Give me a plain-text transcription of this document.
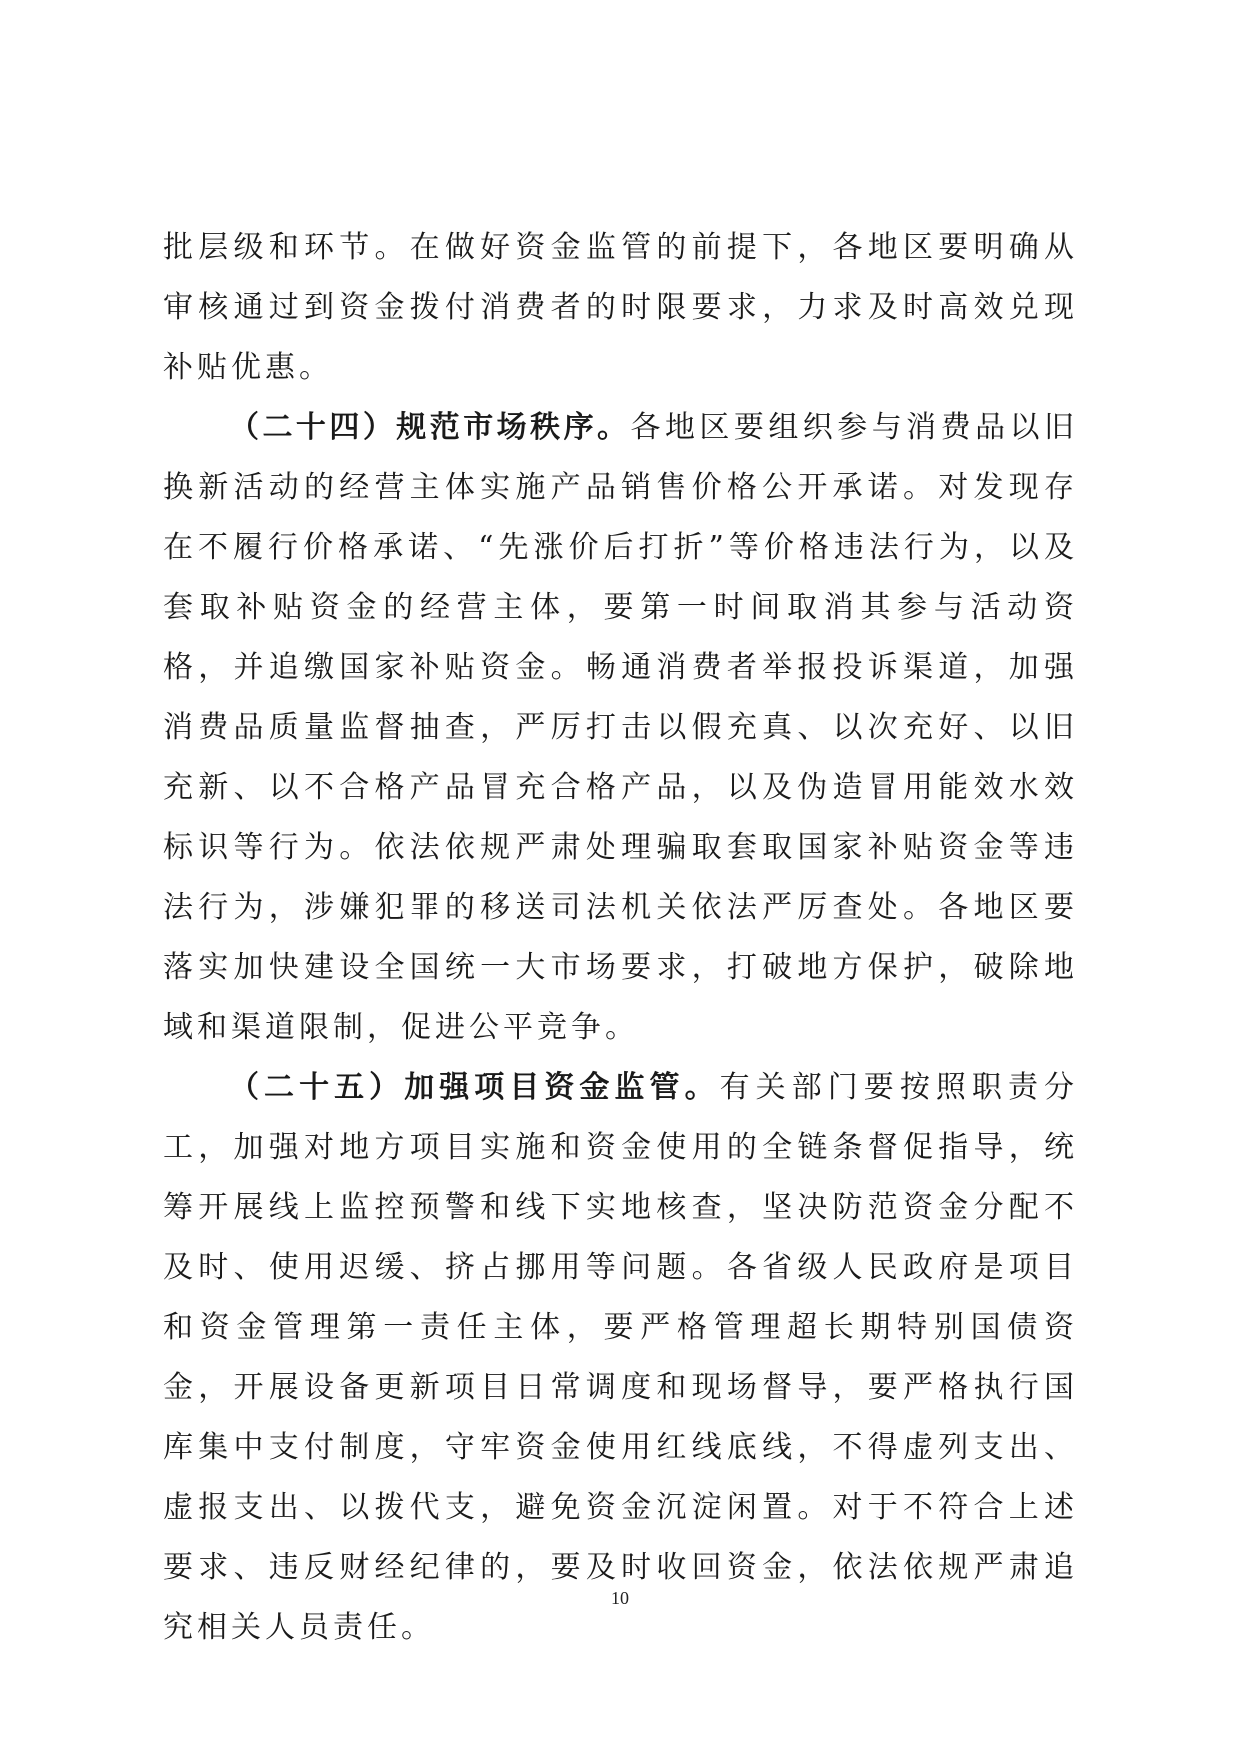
批层级和环节。在做好资金监管的前提下，各地区要明确从审核通过到资金拨付消费者的时限要求，力求及时高效兑现补贴优惠。

（二十四）规范市场秩序。各地区要组织参与消费品以旧换新活动的经营主体实施产品销售价格公开承诺。对发现存在不履行价格承诺、“先涨价后打折”等价格违法行为，以及套取补贴资金的经营主体，要第一时间取消其参与活动资格，并追缴国家补贴资金。畅通消费者举报投诉渠道，加强消费品质量监督抽查，严厉打击以假充真、以次充好、以旧充新、以不合格产品冒充合格产品，以及伪造冒用能效水效标识等行为。依法依规严肃处理骗取套取国家补贴资金等违法行为，涉嫌犯罪的移送司法机关依法严厉查处。各地区要落实加快建设全国统一大市场要求，打破地方保护，破除地域和渠道限制，促进公平竞争。

（二十五）加强项目资金监管。有关部门要按照职责分工，加强对地方项目实施和资金使用的全链条督促指导，统筹开展线上监控预警和线下实地核查，坚决防范资金分配不及时、使用迟缓、挤占挪用等问题。各省级人民政府是项目和资金管理第一责任主体，要严格管理超长期特别国债资金，开展设备更新项目日常调度和现场督导，要严格执行国库集中支付制度，守牢资金使用红线底线，不得虚列支出、虚报支出、以拨代支，避免资金沉淀闲置。对于不符合上述要求、违反财经纪律的，要及时收回资金，依法依规严肃追究相关人员责任。

10
